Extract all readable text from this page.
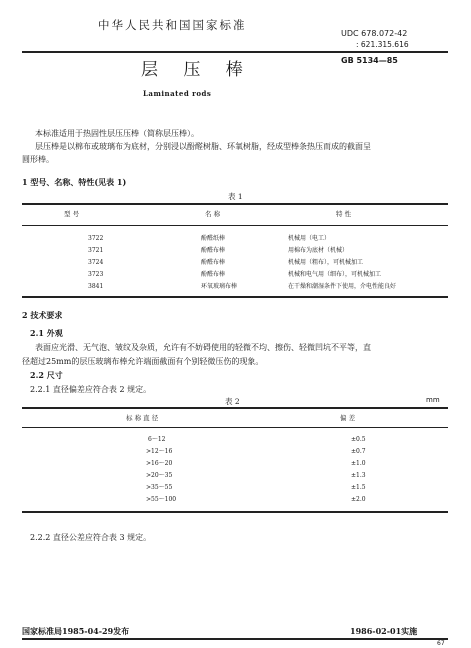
中华人民共和国国家标准
UDC 678.072-42
: 621.315.616
GB 5134—85
层 压 棒
Laminated rods
本标准适用于热固性层压压棒（简称层压棒）。
层压棒是以棉布或玻璃布为底材，分别浸以酚醛树脂、环氧树脂，经成型棒条热压而成的截面呈
圆形棒。
1 型号、名称、特性(见表 1)
表 1
型 号	名 称	特 性
3722	酚醛纸棒	机械用（电工）
3721	酚醛布棒	用棉布为底材（机械）
3724	酚醛布棒	机械用（粗布），可机械加工
3723	酚醛布棒	机械和电气用（细布），可机械加工
3841	环氧玻璃布棒	在干燥和潮湿条件下使用，介电性能良好
2 技术要求
2.1 外观
表面应光滑、无气泡、皱纹及杂质，允许有不妨碍使用的轻微不均、擦伤、轻微凹坑不平等，直
径超过25mm的层压玻璃布棒允许端面截面有个别轻微压伤的现象。
2.2 尺寸
2.2.1 直径偏差应符合表 2 规定。
表 2	mm
标 称 直 径	偏 差
6～12	±0.5
>12～16	±0.7
>16～20	±1.0
>20～35	±1.3
>35～55	±1.5
>55～100	±2.0
2.2.2 直径公差应符合表 3 规定。
国家标准局1985-04-29发布	1986-02-01实施
67
